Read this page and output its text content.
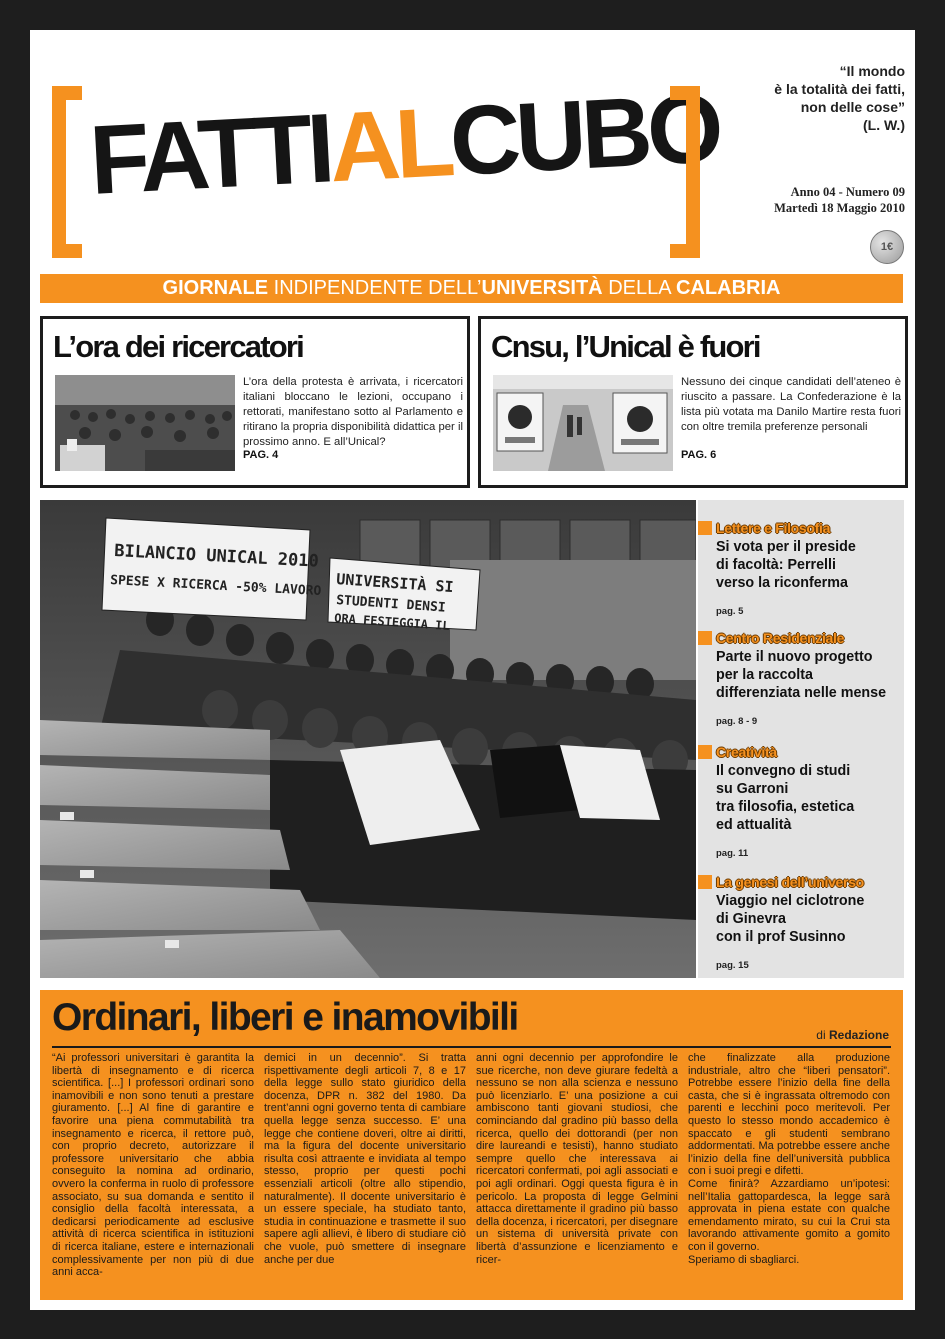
FATTIALCUBO
“Il mondo
è la totalità dei fatti,
non delle cose”
(L. W.)
Anno 04 - Numero 09
Martedì 18 Maggio 2010
1€
GIORNALE INDIPENDENTE DELL’UNIVERSITÀ DELLA CALABRIA
L’ora dei ricercatori

L’ora della protesta è arrivata, i ricercatori italiani bloccano le lezioni, occupano i rettorati, manifestano sotto al Parlamento e ritirano la propria disponibilità didattica per il prossimo anno. E all’Unical?

PAG. 4
Cnsu, l’Unical è fuori

Nessuno dei cinque candidati dell’ateneo è riuscito a passare. La Confederazione è la lista più votata ma Danilo Martire resta fuori con oltre tremila preferenze personali

PAG. 6
BILANCIO UNICAL 2010
SPESE X RICERCA -50% LAVORO UNIVERSITÀ SI
STUDENTI DENSI
ORA FESTEGGIA IL
Lettere e Filosofia
Si vota per il preside
di facoltà: Perrelli
verso la riconferma
pag. 5
Centro Residenziale
Parte il nuovo progetto
per la raccolta
differenziata nelle mense
pag. 8 - 9
Creatività
Il convegno di studi
su Garroni
tra filosofia, estetica
ed attualità
pag. 11
La genesi dell’universo
Viaggio nel ciclotrone
di Ginevra
con il prof Susinno
pag. 15
Ordinari, liberi e inamovibili	di Redazione

“Ai professori universitari è garantita la libertà di insegnamento e di ricerca scientifica. [...] I professori ordinari sono inamovibili e non sono tenuti a prestare giuramento. [...] Al fine di garantire e favorire una piena commutabilità tra insegnamento e ricerca, il rettore può, con proprio decreto, autorizzare il professore universitario che abbia conseguito la nomina ad ordinario, ovvero la conferma in ruolo di professore associato, su sua domanda e sentito il consiglio della facoltà interessata, a dedicarsi periodicamente ad esclusive attività di ricerca scientifica in istituzioni di ricerca italiane, estere e internazionali complessivamente per non più di due anni acca-

demici in un decennio”. Si tratta rispettivamente degli articoli 7, 8 e 17 della legge sullo stato giuridico della docenza, DPR n. 382 del 1980. Da trent’anni ogni governo tenta di cambiare quella legge senza successo. E’ una legge che contiene doveri, oltre ai diritti, ma la figura del docente universitario risulta così attraente e invidiata al tempo stesso, proprio per questi pochi essenziali articoli (oltre allo stipendio, naturalmente). Il docente universitario è un essere speciale, ha studiato tanto, studia in continuazione e trasmette il suo sapere agli allievi, è libero di studiare ciò che vuole, può smettere di insegnare anche per due

anni ogni decennio per approfondire le sue ricerche, non deve giurare fedeltà a nessuno se non alla scienza e nessuno può licenziarlo. E’ una posizione a cui ambiscono tanti giovani studiosi, che cominciando dal gradino più basso della ricerca, quello dei dottorandi (per non dire laureandi e tesisti), hanno studiato sempre quello che interessava ai ricercatori confermati, poi agli associati e poi agli ordinari. Oggi questa figura è in pericolo. La proposta di legge Gelmini attacca direttamente il gradino più basso della docenza, i ricercatori, per disegnare un sistema di università private con libertà d’assunzione e licenziamento e ricer-

che finalizzate alla produzione industriale, altro che “liberi pensatori”. Potrebbe essere l’inizio della fine della casta, che si è ingrassata oltremodo con parenti e lecchini poco meritevoli. Per questo lo stesso mondo accademico è spaccato e gli studenti sembrano addormentati. Ma potrebbe essere anche l’inizio della fine dell’università pubblica con i suoi pregi e difetti.

Come finirà? Azzardiamo un’ipotesi: nell’Italia gattopardesca, la legge sarà approvata in piena estate con qualche emendamento mirato, su cui la Crui sta lavorando attivamente gomito a gomito con il governo.

Speriamo di sbagliarci.
